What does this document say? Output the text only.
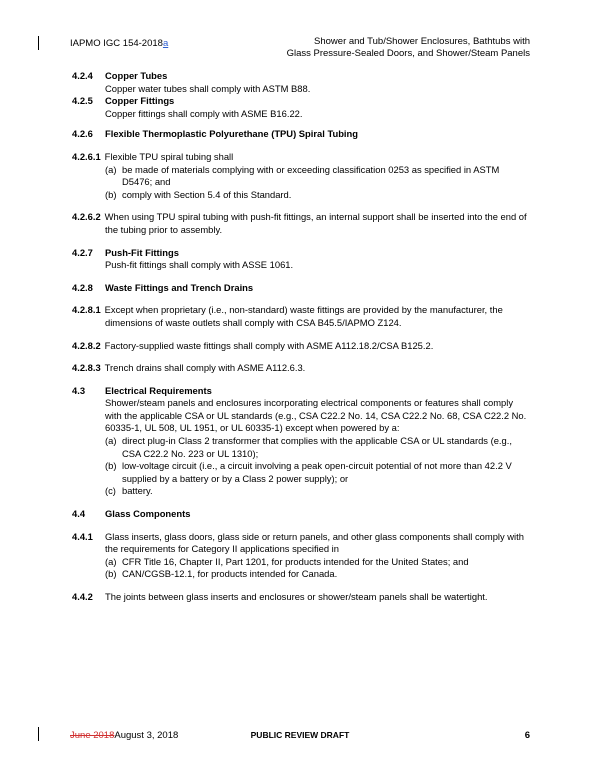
IAPMO IGC 154-2018a	Shower and Tub/Shower Enclosures, Bathtubs with
Glass Pressure-Sealed Doors, and Shower/Steam Panels
4.2.4 Copper Tubes
Copper water tubes shall comply with ASTM B88.
4.2.5 Copper Fittings
Copper fittings shall comply with ASME B16.22.
4.2.6 Flexible Thermoplastic Polyurethane (TPU) Spiral Tubing
4.2.6.1 Flexible TPU spiral tubing shall
(a) be made of materials complying with or exceeding classification 0253 as specified in ASTM D5476; and
(b) comply with Section 5.4 of this Standard.
4.2.6.2 When using TPU spiral tubing with push-fit fittings, an internal support shall be inserted into the end of the tubing prior to assembly.
4.2.7 Push-Fit Fittings
Push-fit fittings shall comply with ASSE 1061.
4.2.8 Waste Fittings and Trench Drains
4.2.8.1 Except when proprietary (i.e., non-standard) waste fittings are provided by the manufacturer, the dimensions of waste outlets shall comply with CSA B45.5/IAPMO Z124.
4.2.8.2 Factory-supplied waste fittings shall comply with ASME A112.18.2/CSA B125.2.
4.2.8.3 Trench drains shall comply with ASME A112.6.3.
4.3 Electrical Requirements
Shower/steam panels and enclosures incorporating electrical components or features shall comply with the applicable CSA or UL standards (e.g., CSA C22.2 No. 14, CSA C22.2 No. 68, CSA C22.2 No. 60335-1, UL 508, UL 1951, or UL 60335-1) except when powered by a:
(a) direct plug-in Class 2 transformer that complies with the applicable CSA or UL standards (e.g., CSA C22.2 No. 223 or UL 1310);
(b) low-voltage circuit (i.e., a circuit involving a peak open-circuit potential of not more than 42.2 V supplied by a battery or by a Class 2 power supply); or
(c) battery.
4.4 Glass Components
4.4.1 Glass inserts, glass doors, glass side or return panels, and other glass components shall comply with the requirements for Category II applications specified in
(a) CFR Title 16, Chapter II, Part 1201, for products intended for the United States; and
(b) CAN/CGSB-12.1, for products intended for Canada.
4.4.2 The joints between glass inserts and enclosures or shower/steam panels shall be watertight.
June 2018August 3, 2018	PUBLIC REVIEW DRAFT	6
